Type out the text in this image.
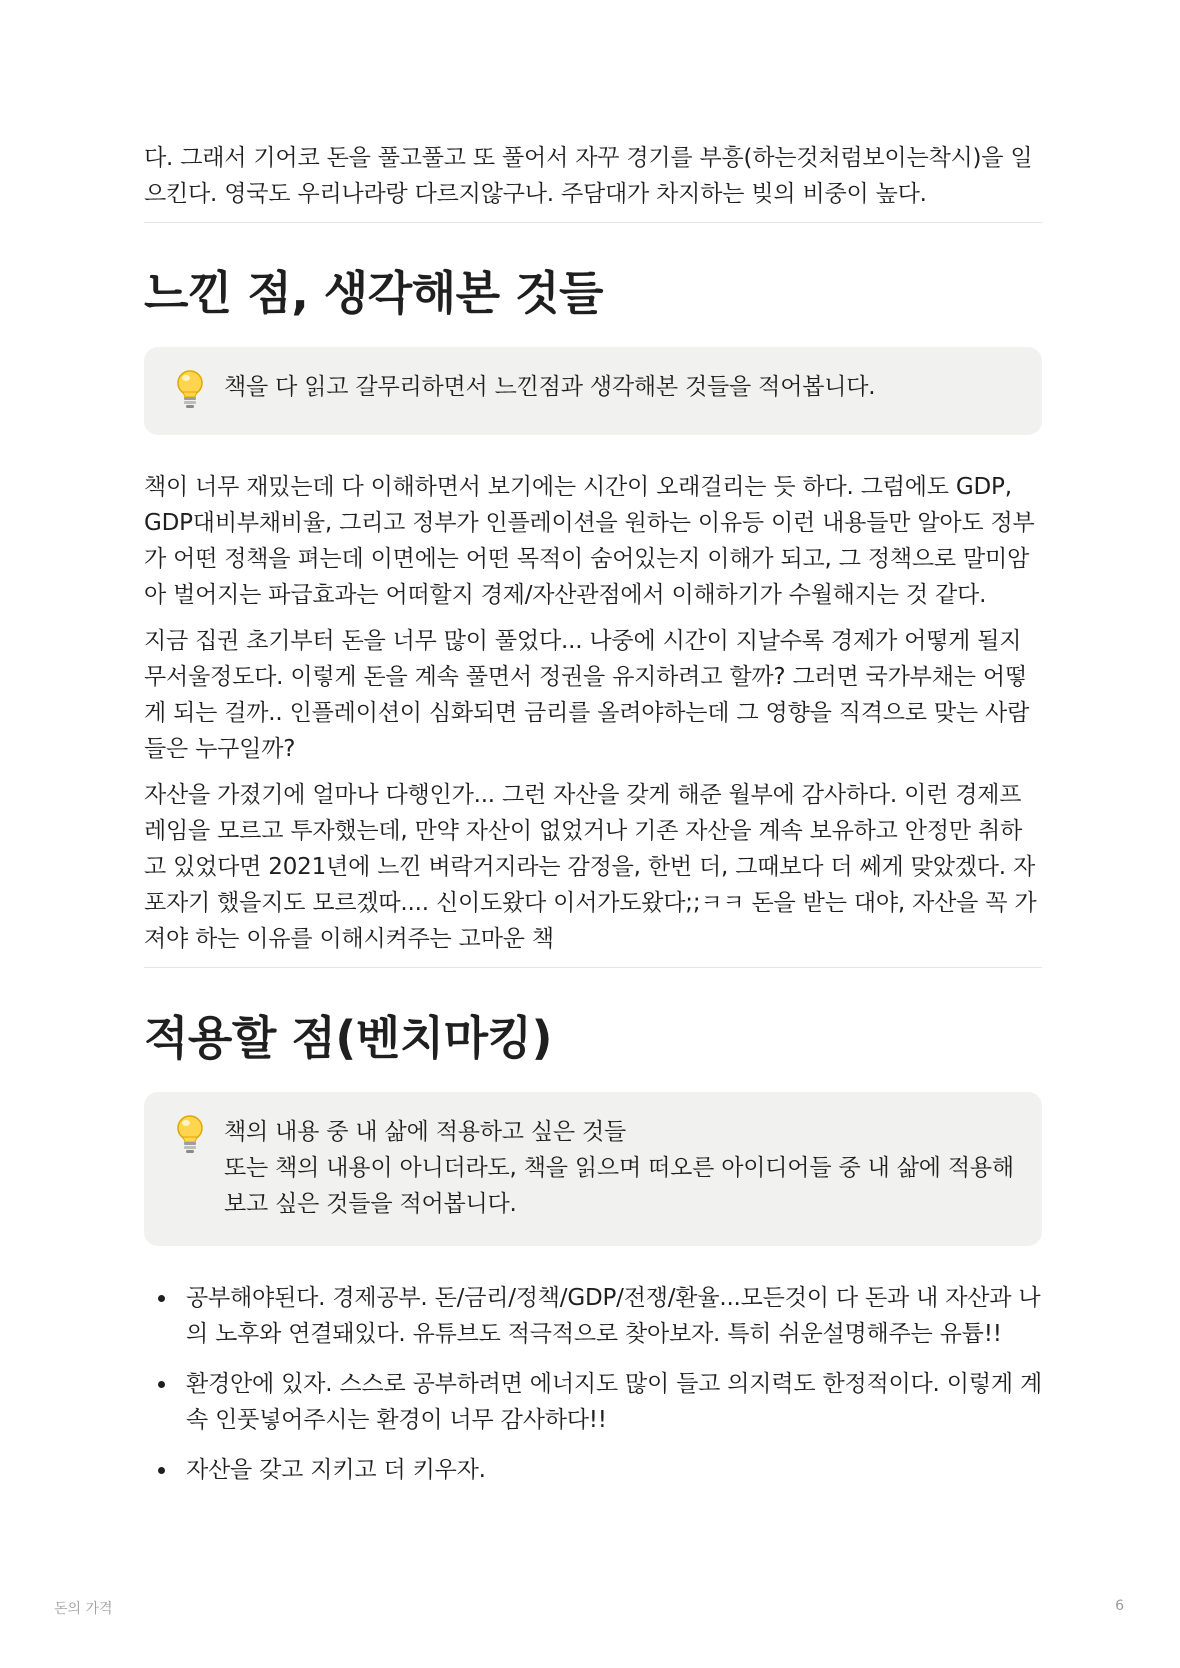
다. 그래서 기어코 돈을 풀고풀고 또 풀어서 자꾸 경기를 부흥(하는것처럼보이는착시)을 일으킨다. 영국도 우리나라랑 다르지않구나. 주담대가 차지하는 빚의 비중이 높다.

느낀 점, 생각해본 것들
책을 다 읽고 갈무리하면서 느낀점과 생각해본 것들을 적어봅니다.

책이 너무 재밌는데 다 이해하면서 보기에는 시간이 오래걸리는 듯 하다. 그럼에도 GDP, GDP대비부채비율, 그리고 정부가 인플레이션을 원하는 이유등 이런 내용들만 알아도 정부가 어떤 정책을 펴는데 이면에는 어떤 목적이 숨어있는지 이해가 되고, 그 정책으로 말미암아 벌어지는 파급효과는 어떠할지 경제/자산관점에서 이해하기가 수월해지는 것 같다.

지금 집권 초기부터 돈을 너무 많이 풀었다... 나중에 시간이 지날수록 경제가 어떻게 될지 무서울정도다. 이렇게 돈을 계속 풀면서 정권을 유지하려고 할까? 그러면 국가부채는 어떻게 되는 걸까.. 인플레이션이 심화되면 금리를 올려야하는데 그 영향을 직격으로 맞는 사람들은 누구일까?

자산을 가졌기에 얼마나 다행인가... 그런 자산을 갖게 해준 월부에 감사하다. 이런 경제프레임을 모르고 투자했는데, 만약 자산이 없었거나 기존 자산을 계속 보유하고 안정만 취하고 있었다면 2021년에 느낀 벼락거지라는 감정을, 한번 더, 그때보다 더 쎄게 맞았겠다. 자포자기 했을지도 모르겠따.... 신이도왔다 이서가도왔다;;ㅋㅋ 돈을 받는 대야, 자산을 꼭 가져야 하는 이유를 이해시켜주는 고마운 책

적용할 점(벤치마킹)
책의 내용 중 내 삶에 적용하고 싶은 것들
또는 책의 내용이 아니더라도, 책을 읽으며 떠오른 아이디어들 중 내 삶에 적용해 보고 싶은 것들을 적어봅니다.
공부해야된다. 경제공부. 돈/금리/정책/GDP/전쟁/환율...모든것이 다 돈과 내 자산과 나의 노후와 연결돼있다. 유튜브도 적극적으로 찾아보자. 특히 쉬운설명해주는 유튭!!
환경안에 있자. 스스로 공부하려면 에너지도 많이 들고 의지력도 한정적이다. 이렇게 계속 인풋넣어주시는 환경이 너무 감사하다!!
자산을 갖고 지키고 더 키우자.
돈의 가격	6
